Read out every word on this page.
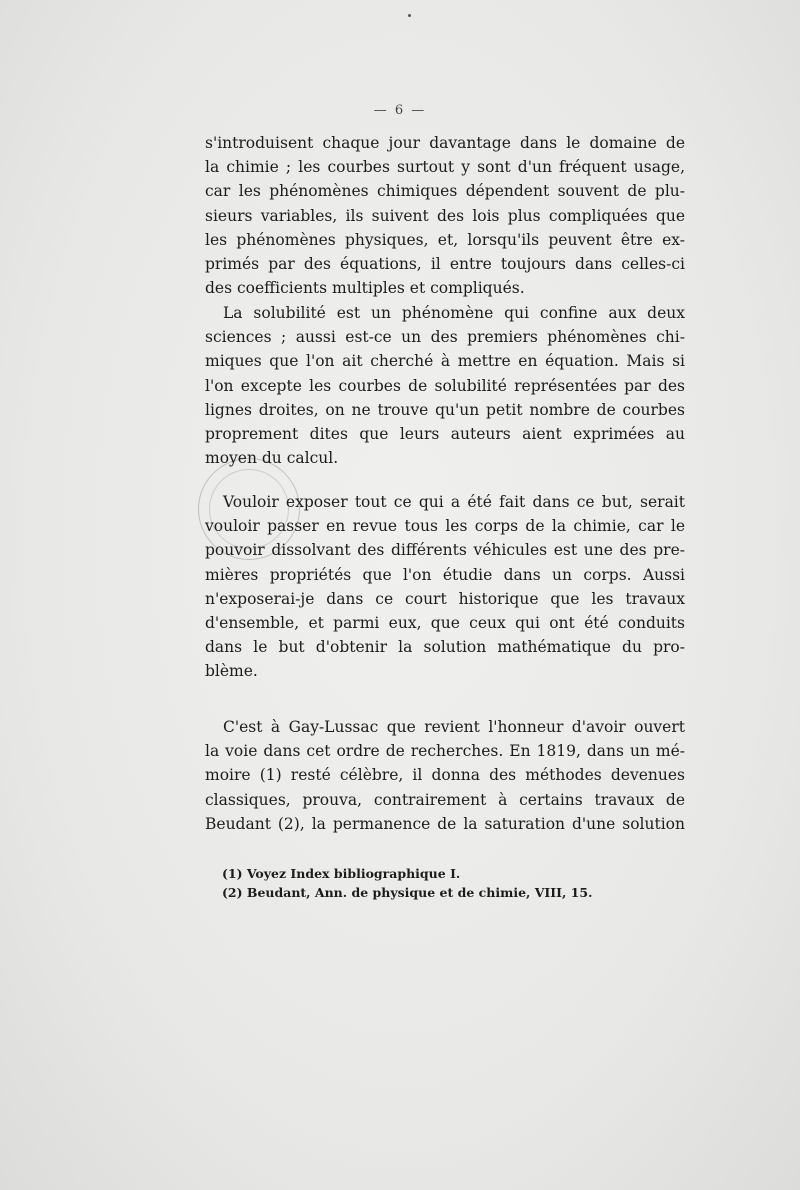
— 6 —
s'introduisent chaque jour davantage dans le domaine de
la chimie ; les courbes surtout y sont d'un fréquent usage,
car les phénomènes chimiques dépendent souvent de plu-
sieurs variables, ils suivent des lois plus compliquées que
les phénomènes physiques, et, lorsqu'ils peuvent être ex-
primés par des équations, il entre toujours dans celles-ci
des coefficients multiples et compliqués.
La solubilité est un phénomène qui confine aux deux
sciences ; aussi est-ce un des premiers phénomènes chi-
miques que l'on ait cherché à mettre en équation. Mais si
l'on excepte les courbes de solubilité représentées par des
lignes droites, on ne trouve qu'un petit nombre de courbes
proprement dites que leurs auteurs aient exprimées au
moyen du calcul.
Vouloir exposer tout ce qui a été fait dans ce but, serait
vouloir passer en revue tous les corps de la chimie, car le
pouvoir dissolvant des différents véhicules est une des pre-
mières propriétés que l'on étudie dans un corps. Aussi
n'exposerai-je dans ce court historique que les travaux
d'ensemble, et parmi eux, que ceux qui ont été conduits
dans le but d'obtenir la solution mathématique du pro-
blème.
C'est à Gay-Lussac que revient l'honneur d'avoir ouvert
la voie dans cet ordre de recherches. En 1819, dans un mé-
moire (1) resté célèbre, il donna des méthodes devenues
classiques, prouva, contrairement à certains travaux de
Beudant (2), la permanence de la saturation d'une solution
(1) Voyez Index bibliographique I.
(2) Beudant, Ann. de physique et de chimie, VIII, 15.
